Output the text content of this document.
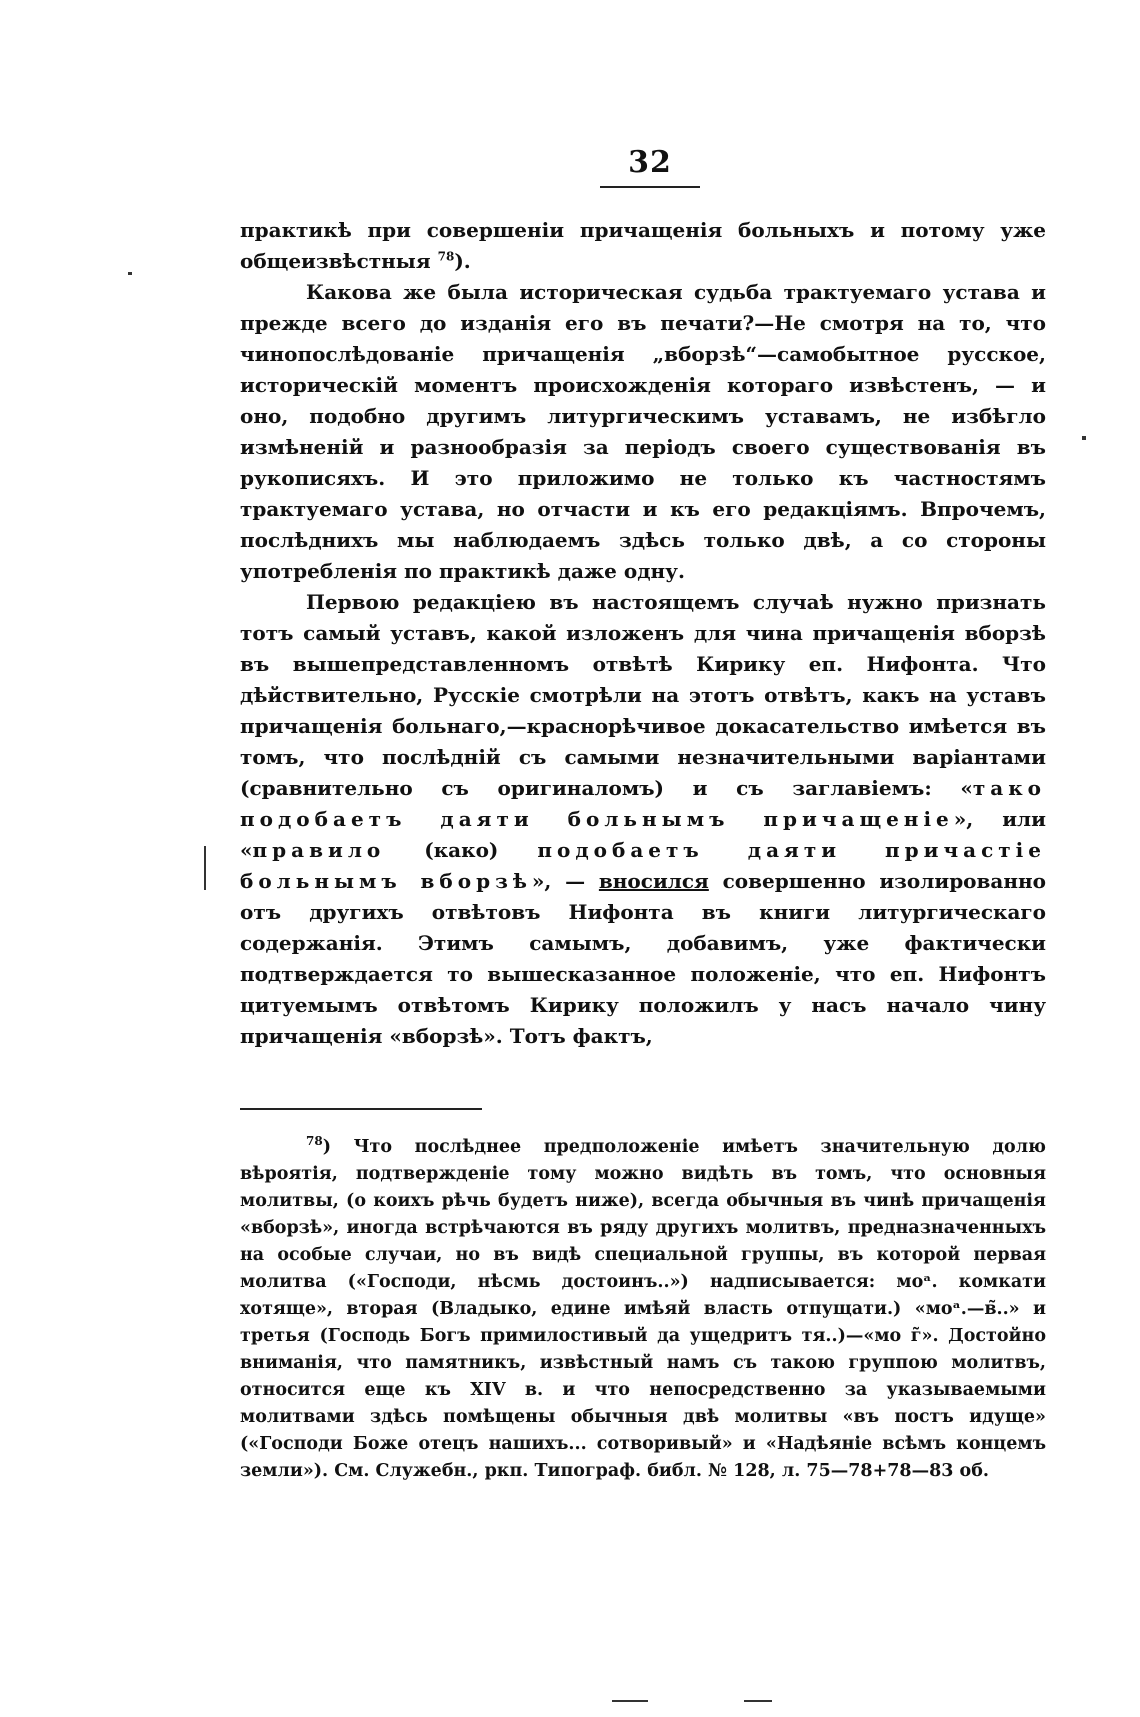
32

практикѣ при совершеніи причащенія больныхъ и потому уже общеизвѣстныя $^{78}$).

Какова же была историческая судьба трактуемаго устава и прежде всего до изданія его въ печати?—Не смотря на то, что чинопослѣдованіе причащенія „вборзѣ“—самобытное русское, историческій моментъ происхожденія котораго извѣстенъ, — и оно, подобно другимъ литургическимъ уставамъ, не избѣгло измѣненій и разнообразія за періодъ своего существованія въ рукописяхъ. И это приложимо не только къ частностямъ трактуемаго устава, но отчасти и къ его редакціямъ. Впрочемъ, послѣднихъ мы наблюдаемъ здѣсь только двѣ, а со стороны употребленія по практикѣ даже одну.

Первою редакціею въ настоящемъ случаѣ нужно признать тотъ самый уставъ, какой изложенъ для чина причащенія вборзѣ въ вышепредставленномъ отвѣтѣ Кирику еп. Нифонта. Что дѣйствительно, Русскіе смотрѣли на этотъ отвѣтъ, какъ на уставъ причащенія больнаго,—краснорѣчивое докасательство имѣется въ томъ, что послѣдній съ самыми незначительными варіантами (сравнительно съ оригиналомъ) и съ заглавіемъ: «тако подобаетъ даяти больнымъ причащеніе», или «правило (како) подобаетъ даяти причастіе больнымъ вборзѣ», — вносился совершенно изолированно отъ другихъ отвѣтовъ Нифонта въ книги литургическаго содержанія. Этимъ самымъ, добавимъ, уже фактически подтверждается то вышесказанное положеніе, что еп. Нифонтъ цитуемымъ отвѣтомъ Кирику положилъ у насъ начало чину причащенія «вборзѣ». Тотъ фактъ,

$^{78}$) Что послѣднее предположеніе имѣетъ значительную долю вѣроятія, подтвержденіе тому можно видѣть въ томъ, что основныя молитвы, (о коихъ рѣчь будетъ ниже), всегда обычныя въ чинѣ причащенія «вборзѣ», иногда встрѣчаются въ ряду другихъ молитвъ, предназначенныхъ на особые случаи, но въ видѣ специальной группы, въ которой первая молитва («Господи, нѣсмь достоинъ..») надписывается: моᵃ. комкати хотяще», вторая (Владыко, едине имѣяй власть отпущати.) «моᵃ.—в̃..» и третья (Господь Богъ примилостивый да ущедритъ тя..)—«мо г̃». Достойно вниманія, что памятникъ, извѣстный намъ съ такою группою молитвъ, относится еще къ XIV в. и что непосредственно за указываемыми молитвами здѣсь помѣщены обычныя двѣ молитвы «въ постъ идуще» («Господи Боже отецъ нашихъ... сотворивый» и «Надѣяніе всѣмъ концемъ земли»). См. Служебн., ркп. Типограф. библ. № 128, л. 75—78+78—83 об.
